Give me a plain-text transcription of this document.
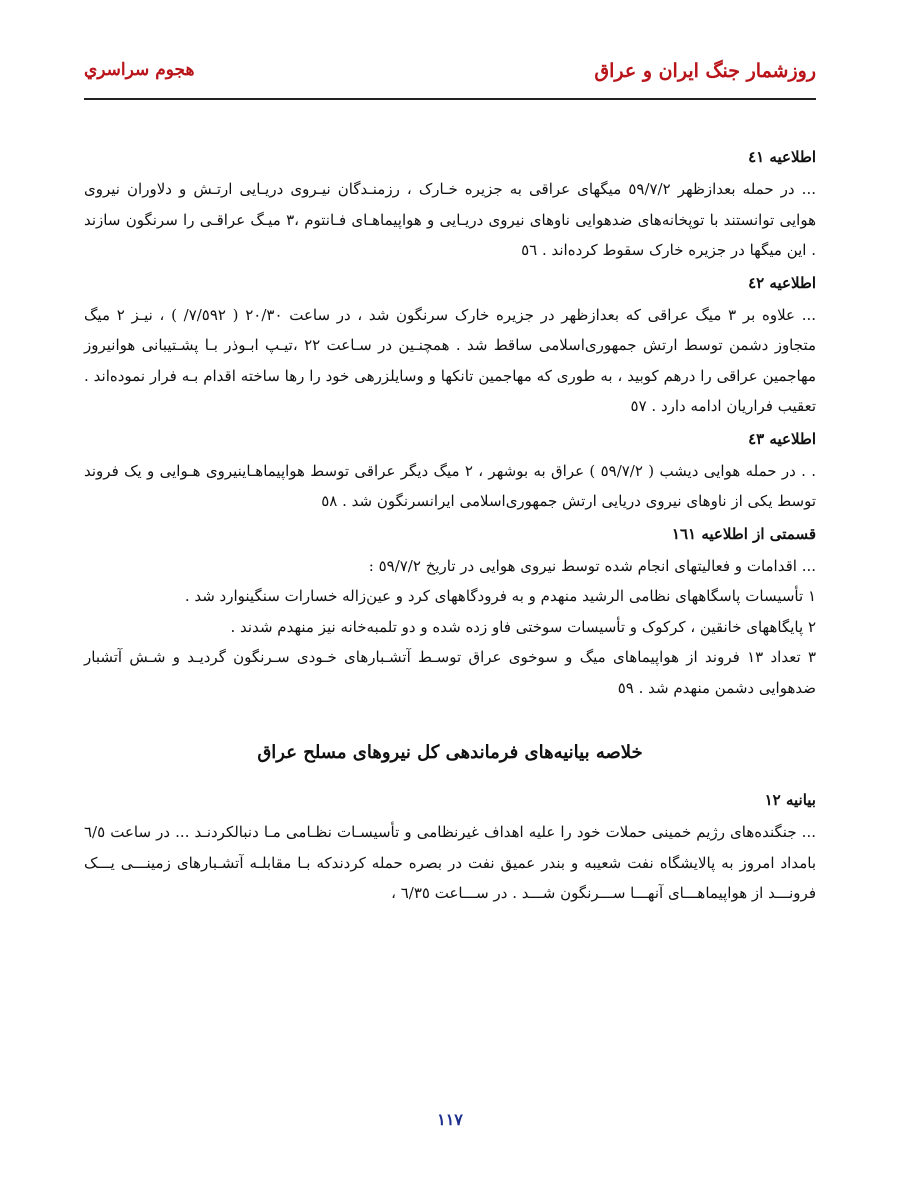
روزشمار جنگ ایران و عراق
هجوم سراسري

اطلاعیه ٤١

... در حمله بعدازظهر ٥٩/٧/٢ میگهای عراقی به جزیره خـارک ، رزمنـدگان نیـروی دریـایی ارتـش و دلاوران نیروی هوایی توانستند با توپخانه‌های ضدهوایی ناوهای نیروی دریـایی و هواپیماهـای فـانتوم ،٣ میـگ عراقـی را سرنگون سازند . این میگها در جزیره خارک سقوط کرده‌اند . ٥٦

اطلاعیه ٤٢

... علاوه بر ٣ میگ عراقی که بعدازظهر در جزیره خارک سرنگون شد ، در ساعت ٢٠/٣٠ ( ٧/٥٩٢/ ) ، نیـز ٢ میگ متجاوز دشمن توسط ارتش جمهوری‌اسلامی ساقط شد . همچنـین در سـاعت ٢٢ ،تیـپ ابـوذر بـا پشـتیبانی هوانیروز مهاجمین عراقی را درهم کوبید ، به طوری که مهاجمین تانکها و وسایلزرهی خود را رها ساخته اقدام بـه فرار نموده‌اند . تعقیب فراریان ادامه دارد . ٥٧

اطلاعیه ٤٣

. . در حمله هوایی دیشب ( ٥٩/٧/٢ ) عراق به بوشهر ، ٢ میگ دیگر عراقی توسط هواپیماهـاینیروی هـوایی و یک فروند توسط یکی از ناوهای نیروی دریایی ارتش جمهوری‌اسلامی ایرانسرنگون شد . ٥٨

قسمتی از اطلاعیه ١٦١

... اقدامات و فعالیتهای انجام شده توسط نیروی هوایی در تاریخ ٥٩/٧/٢ :

١ تأسیسات پاسگاههای نظامی الرشید منهدم و به فرودگاههای کرد و عین‌زاله خسارات سنگینوارد شد .

٢ پایگاههای خانقین ، کرکوک و تأسیسات سوختی فاو زده شده و دو تلمبه‌خانه نیز منهدم شدند .

٣ تعداد ١٣ فروند از هواپیماهای میگ و سوخوی عراق توسـط آتشـبارهای خـودی سـرنگون گردیـد و شـش آتشبار ضدهوایی دشمن منهدم شد . ٥٩

خلاصه بیانیه‌های فرماندهی کل نیروهای مسلح عراق

بیانیه ١٢

... جنگنده‌های رژیم خمینی حملات خود را علیه اهداف غیرنظامی و تأسیسـات نظـامی مـا دنبالکردنـد ... در ساعت ٦/٥ بامداد امروز به پالایشگاه نفت شعیبه و بندر عمیق نفت در بصره حمله کردندکه بـا مقابلـه آتشـبارهای زمینـــی یـــک فرونـــد از هواپیماهـــای آنهـــا ســـرنگون شـــد . در ســـاعت ٦/٣٥ ،

١١٧
